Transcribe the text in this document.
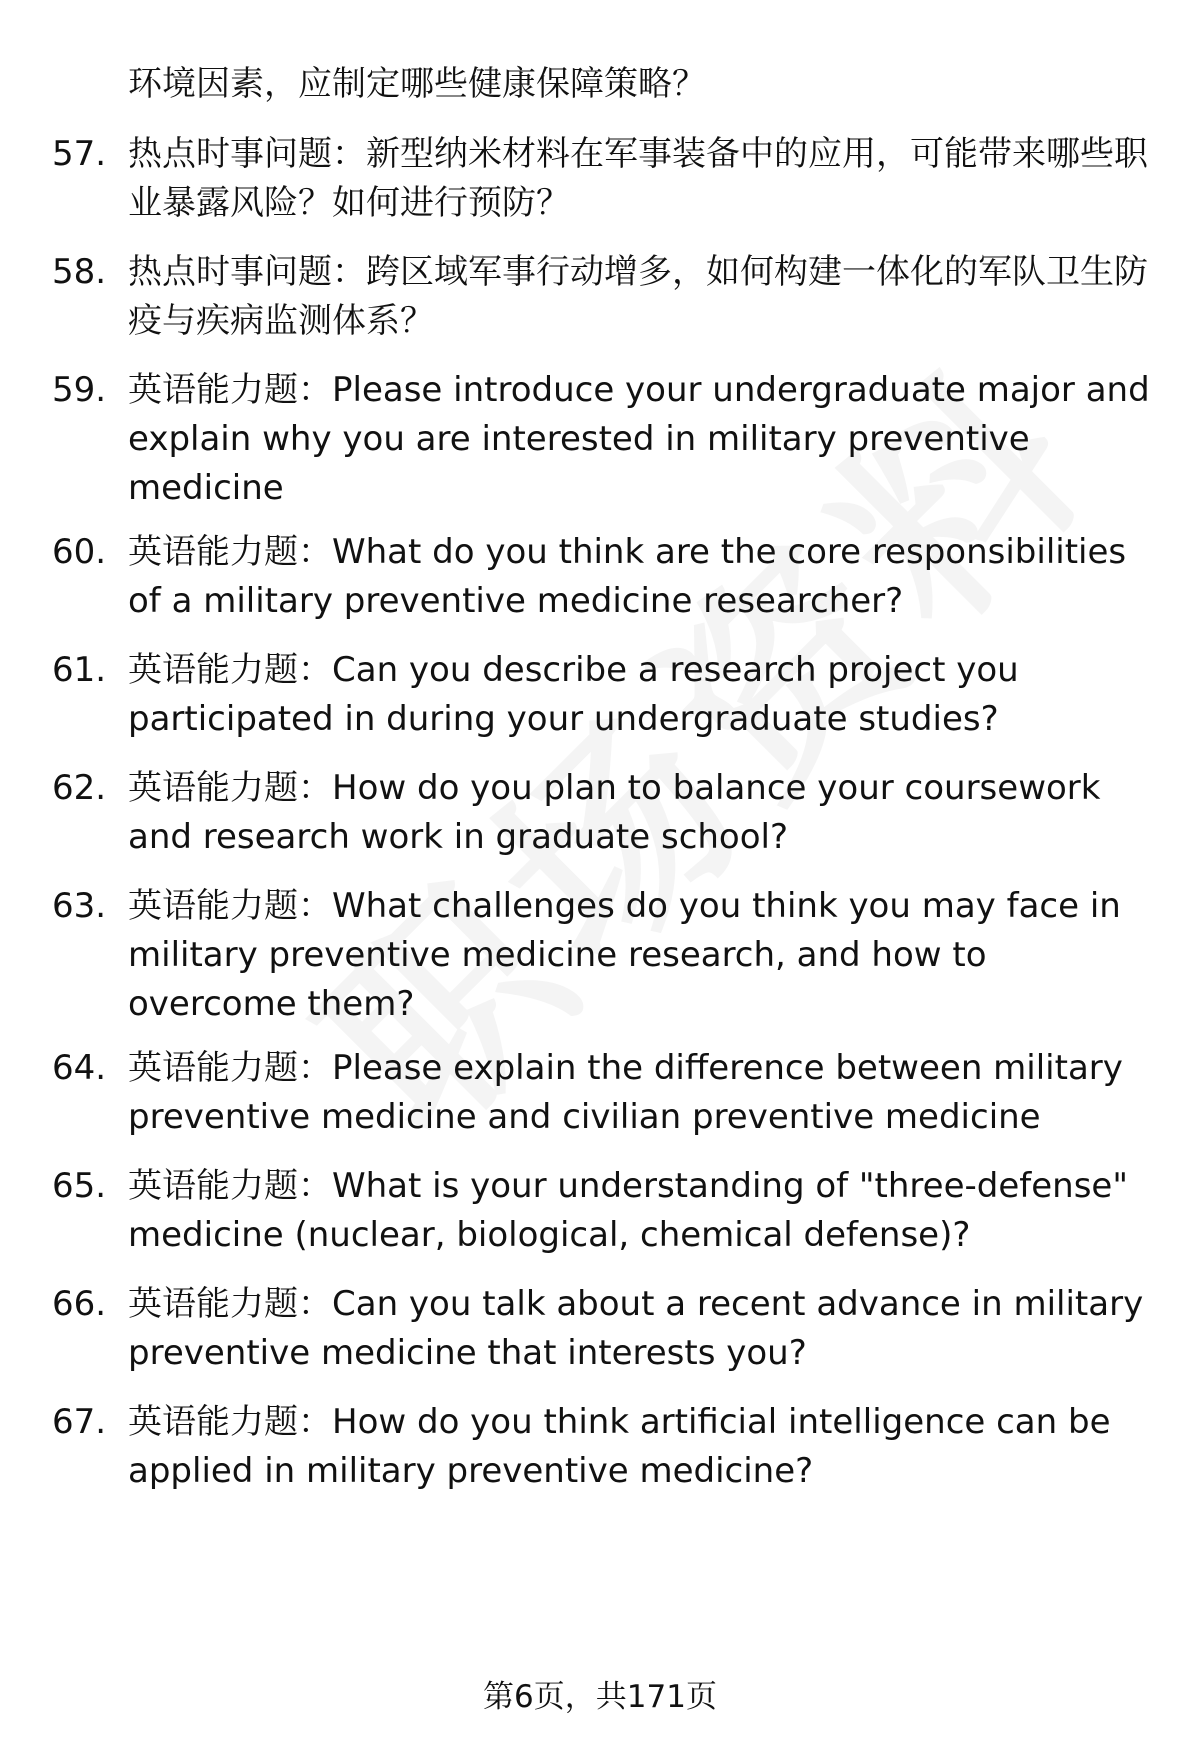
环境因素，应制定哪些健康保障策略？

57. 热点时事问题：新型纳米材料在军事装备中的应用，可能带来哪些职业暴露风险？如何进行预防？
58. 热点时事问题：跨区域军事行动增多，如何构建一体化的军队卫生防疫与疾病监测体系？
59. 英语能力题：Please introduce your undergraduate major and explain why you are interested in military preventive medicine
60. 英语能力题：What do you think are the core responsibilities of a military preventive medicine researcher?
61. 英语能力题：Can you describe a research project you participated in during your undergraduate studies?
62. 英语能力题：How do you plan to balance your coursework and research work in graduate school?
63. 英语能力题：What challenges do you think you may face in military preventive medicine research, and how to overcome them?
64. 英语能力题：Please explain the difference between military preventive medicine and civilian preventive medicine
65. 英语能力题：What is your understanding of "three-defense" medicine (nuclear, biological, chemical defense)?
66. 英语能力题：Can you talk about a recent advance in military preventive medicine that interests you?
67. 英语能力题：How do you think artificial intelligence can be applied in military preventive medicine?

第6页，共171页
